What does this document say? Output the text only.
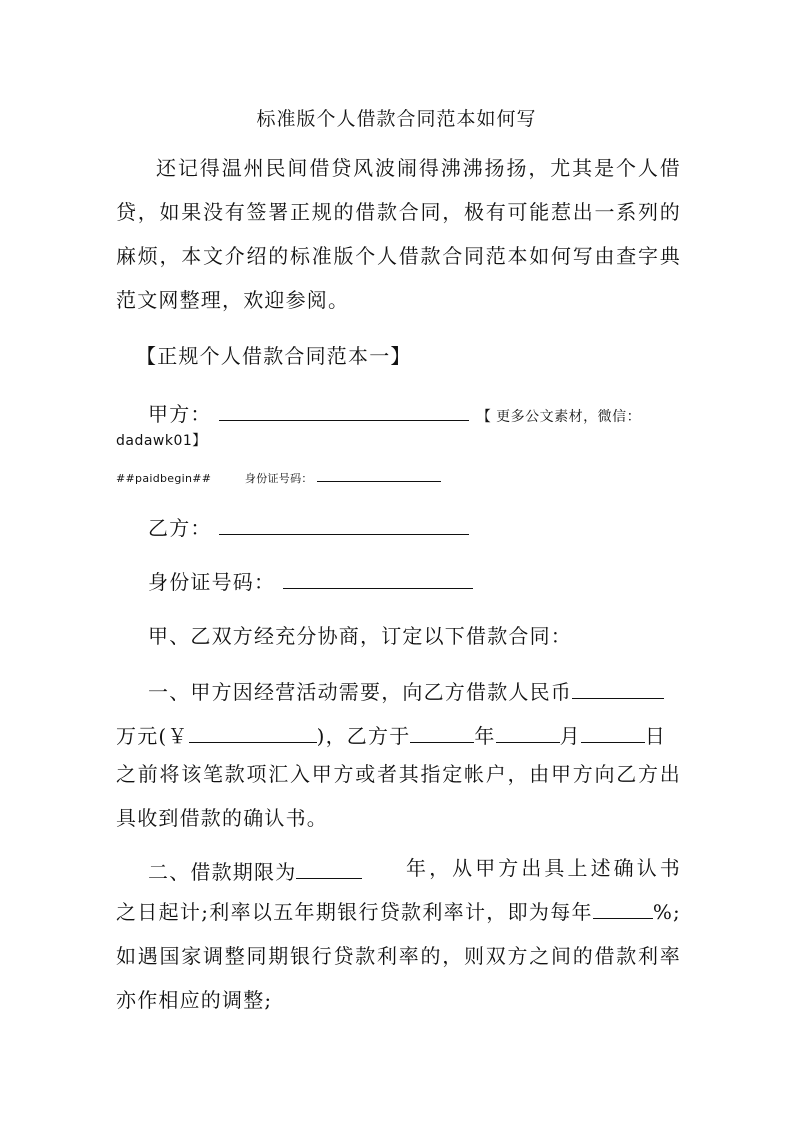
标准版个人借款合同范本如何写

还记得温州民间借贷风波闹得沸沸扬扬，尤其是个人借贷，如果没有签署正规的借款合同，极有可能惹出一系列的麻烦，本文介绍的标准版个人借款合同范本如何写由查字典范文网整理，欢迎参阅。

【正规个人借款合同范本一】
甲方：	【 更多公文素材，微信：
dadawk01】
##paidbegin##	身份证号码：
乙方：
身份证号码：
甲、乙双方经充分协商，订定以下借款合同：
一、甲方因经营活动需要，向乙方借款人民币
万元(￥	)，乙方于	年	月	日

之前将该笔款项汇入甲方或者其指定帐户，由甲方向乙方出具收到借款的确认书。

二、借款期限为	年，从甲方出具上述确认书之日起计;利率以五年期银行贷款利率计，即为每年	%;如遇国家调整同期银行贷款利率的，则双方之间的借款利率亦作相应的调整;
